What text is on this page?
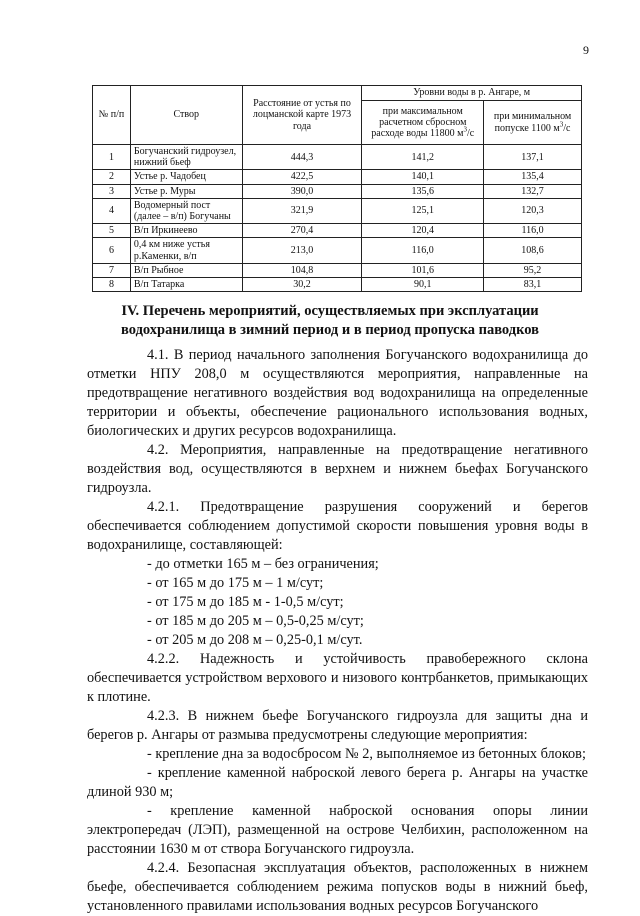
9
№ п/п	Створ	Расстояние от устья по лоцманской карте 1973 года	Уровни воды в р. Ангаре, м	
			при максимальном расчетном сбросном расходе воды 11800 $м^3/с$	при минимальном попуске 1100 $м^3/с$
1	Богучанский гидроузел, нижний бьеф	444,3	141,2	137,1
2	Устье р. Чадобец	422,5	140,1	135,4
3	Устье р. Муры	390,0	135,6	132,7
4	Водомерный пост (далее – в/п) Богучаны	321,9	125,1	120,3
5	В/п Иркинеево	270,4	120,4	116,0
6	0,4 км ниже устья р.Каменки, в/п	213,0	116,0	108,6
7	В/п Рыбное	104,8	101,6	95,2
8	В/п Татарка	30,2	90,1	83,1
IV. Перечень мероприятий, осуществляемых при эксплуатации
водохранилища в зимний период и в период пропуска паводков

4.1. В период начального заполнения Богучанского водохранилища до отметки НПУ 208,0 м осуществляются мероприятия, направленные на предотвращение негативного воздействия вод водохранилища на определенные территории и объекты, обеспечение рационального использования водных, биологических и других ресурсов водохранилища.

4.2. Мероприятия, направленные на предотвращение негативного воздействия вод, осуществляются в верхнем и нижнем бьефах Богучанского гидроузла.

4.2.1. Предотвращение разрушения сооружений и берегов обеспечивается соблюдением допустимой скорости повышения уровня воды в водохранилище, составляющей:

- до отметки 165 м – без ограничения;

- от 165 м до 175 м – 1 м/сут;

- от 175 м до 185 м - 1-0,5 м/сут;

- от 185 м до 205 м – 0,5-0,25 м/сут;

- от 205 м до 208 м – 0,25-0,1 м/сут.

4.2.2. Надежность и устойчивость правобережного склона обеспечивается устройством верхового и низового контрбанкетов, примыкающих к плотине.

4.2.3. В нижнем бьефе Богучанского гидроузла для защиты дна и берегов р. Ангары от размыва предусмотрены следующие мероприятия:

- крепление дна за водосбросом № 2, выполняемое из бетонных блоков;

- крепление каменной наброской левого берега р. Ангары на участке длиной 930 м;

- крепление каменной наброской основания опоры линии электропередач (ЛЭП), размещенной на острове Челбихин, расположенном на расстоянии 1630 м от створа Богучанского гидроузла.

4.2.4. Безопасная эксплуатация объектов, расположенных в нижнем бьефе, обеспечивается соблюдением режима попусков воды в нижний бьеф, установленного правилами использования водных ресурсов Богучанского
